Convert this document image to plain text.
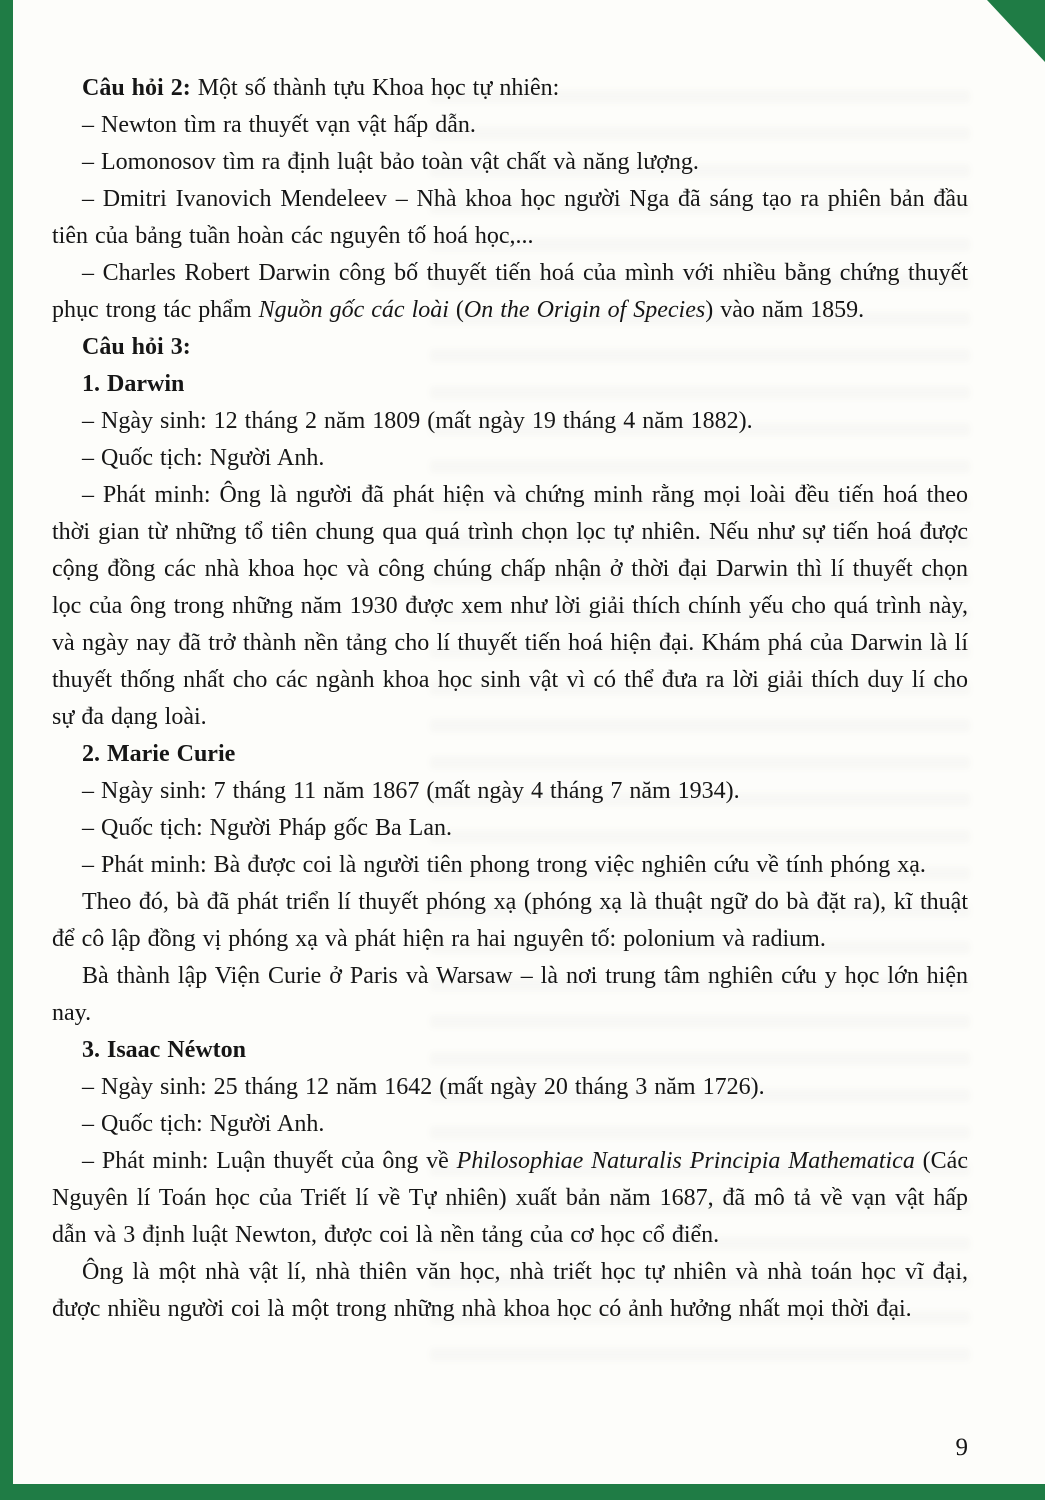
Câu hỏi 2: Một số thành tựu Khoa học tự nhiên:

– Newton tìm ra thuyết vạn vật hấp dẫn.

– Lomonosov tìm ra định luật bảo toàn vật chất và năng lượng.

– Dmitri Ivanovich Mendeleev – Nhà khoa học người Nga đã sáng tạo ra phiên bản đầu tiên của bảng tuần hoàn các nguyên tố hoá học,...

– Charles Robert Darwin công bố thuyết tiến hoá của mình với nhiều bằng chứng thuyết phục trong tác phẩm Nguồn gốc các loài (On the Origin of Species) vào năm 1859.

Câu hỏi 3:

1. Darwin

– Ngày sinh: 12 tháng 2 năm 1809 (mất ngày 19 tháng 4 năm 1882).

– Quốc tịch: Người Anh.

– Phát minh: Ông là người đã phát hiện và chứng minh rằng mọi loài đều tiến hoá theo thời gian từ những tổ tiên chung qua quá trình chọn lọc tự nhiên. Nếu như sự tiến hoá được cộng đồng các nhà khoa học và công chúng chấp nhận ở thời đại Darwin thì lí thuyết chọn lọc của ông trong những năm 1930 được xem như lời giải thích chính yếu cho quá trình này, và ngày nay đã trở thành nền tảng cho lí thuyết tiến hoá hiện đại. Khám phá của Darwin là lí thuyết thống nhất cho các ngành khoa học sinh vật vì có thể đưa ra lời giải thích duy lí cho sự đa dạng loài.

2. Marie Curie

– Ngày sinh: 7 tháng 11 năm 1867 (mất ngày 4 tháng 7 năm 1934).

– Quốc tịch: Người Pháp gốc Ba Lan.

– Phát minh: Bà được coi là người tiên phong trong việc nghiên cứu về tính phóng xạ.

Theo đó, bà đã phát triển lí thuyết phóng xạ (phóng xạ là thuật ngữ do bà đặt ra), kĩ thuật để cô lập đồng vị phóng xạ và phát hiện ra hai nguyên tố: polonium và radium.

Bà thành lập Viện Curie ở Paris và Warsaw – là nơi trung tâm nghiên cứu y học lớn hiện nay.

3. Isaac Néwton

– Ngày sinh: 25 tháng 12 năm 1642 (mất ngày 20 tháng 3 năm 1726).

– Quốc tịch: Người Anh.

– Phát minh: Luận thuyết của ông về Philosophiae Naturalis Principia Mathematica (Các Nguyên lí Toán học của Triết lí về Tự nhiên) xuất bản năm 1687, đã mô tả về vạn vật hấp dẫn và 3 định luật Newton, được coi là nền tảng của cơ học cổ điển.

Ông là một nhà vật lí, nhà thiên văn học, nhà triết học tự nhiên và nhà toán học vĩ đại, được nhiều người coi là một trong những nhà khoa học có ảnh hưởng nhất mọi thời đại.

9
